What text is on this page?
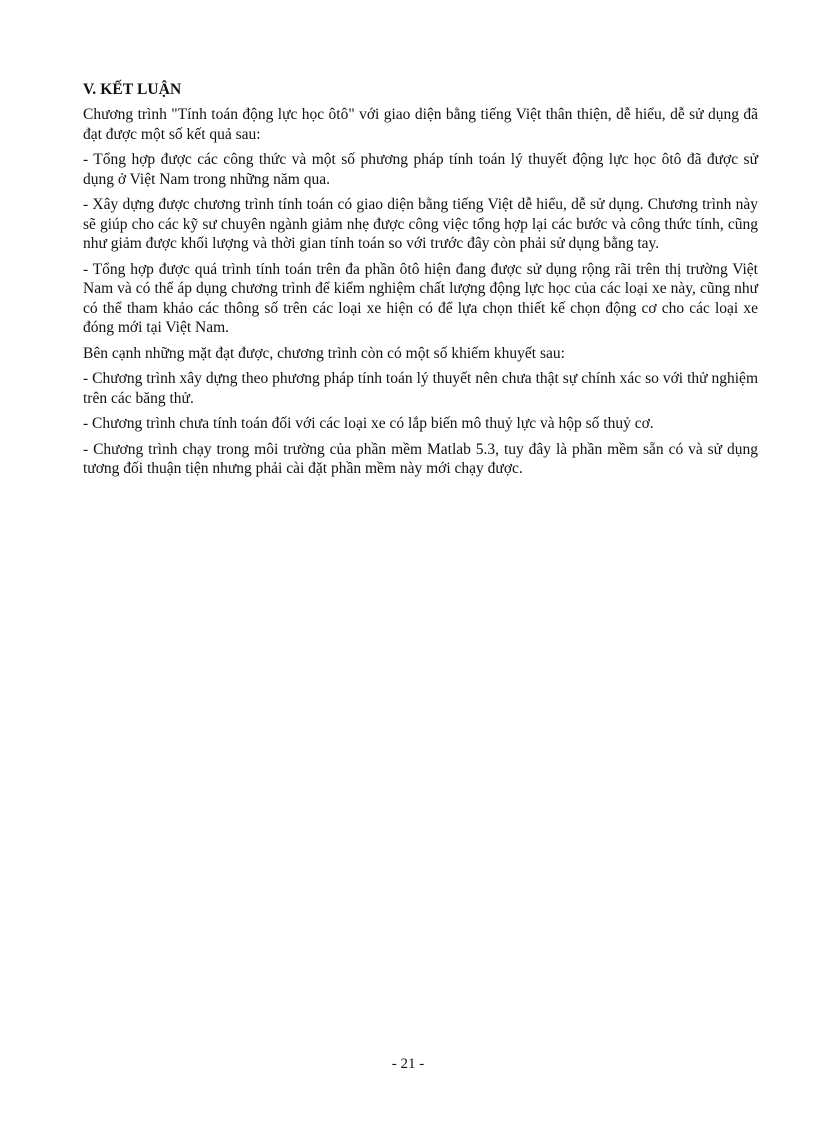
V. KẾT LUẬN

Chương trình "Tính toán động lực học ôtô" với giao diện bằng tiếng Việt thân thiện, dễ hiểu, dễ sử dụng đã đạt được một số kết quả sau:

- Tổng hợp được các công thức và một số phương pháp tính toán lý thuyết động lực học ôtô đã được sử dụng ở Việt Nam trong những năm qua.

- Xây dựng được chương trình tính toán có giao diện bằng tiếng Việt dễ hiểu, dễ sử dụng. Chương trình này sẽ giúp cho các kỹ sư chuyên ngành giảm nhẹ được công việc tổng hợp lại các bước và công thức tính, cũng như giảm được khối lượng và thời gian tính toán so với trước đây còn phải sử dụng bằng tay.

- Tổng hợp được quá trình tính toán trên đa phần ôtô hiện đang được sử dụng rộng rãi trên thị trường Việt Nam và có thể áp dụng chương trình để kiểm nghiệm chất lượng động lực học của các loại xe này, cũng như có thể tham khảo các thông số trên các loại xe hiện có để lựa chọn thiết kế chọn động cơ cho các loại xe đóng mới tại Việt Nam.

Bên cạnh những mặt đạt được, chương trình còn có một số khiếm khuyết sau:

- Chương trình xây dựng theo phương pháp tính toán lý thuyết nên chưa thật sự chính xác so với thử nghiệm trên các băng thử.

- Chương trình chưa tính toán đối với các loại xe có lắp biến mô thuỷ lực và hộp số thuỷ cơ.

- Chương trình chạy trong môi trường của phần mềm Matlab 5.3, tuy đây là phần mềm sẵn có và sử dụng tương đối thuận tiện nhưng phải cài đặt phần mềm này mới chạy được.

- 21 -
